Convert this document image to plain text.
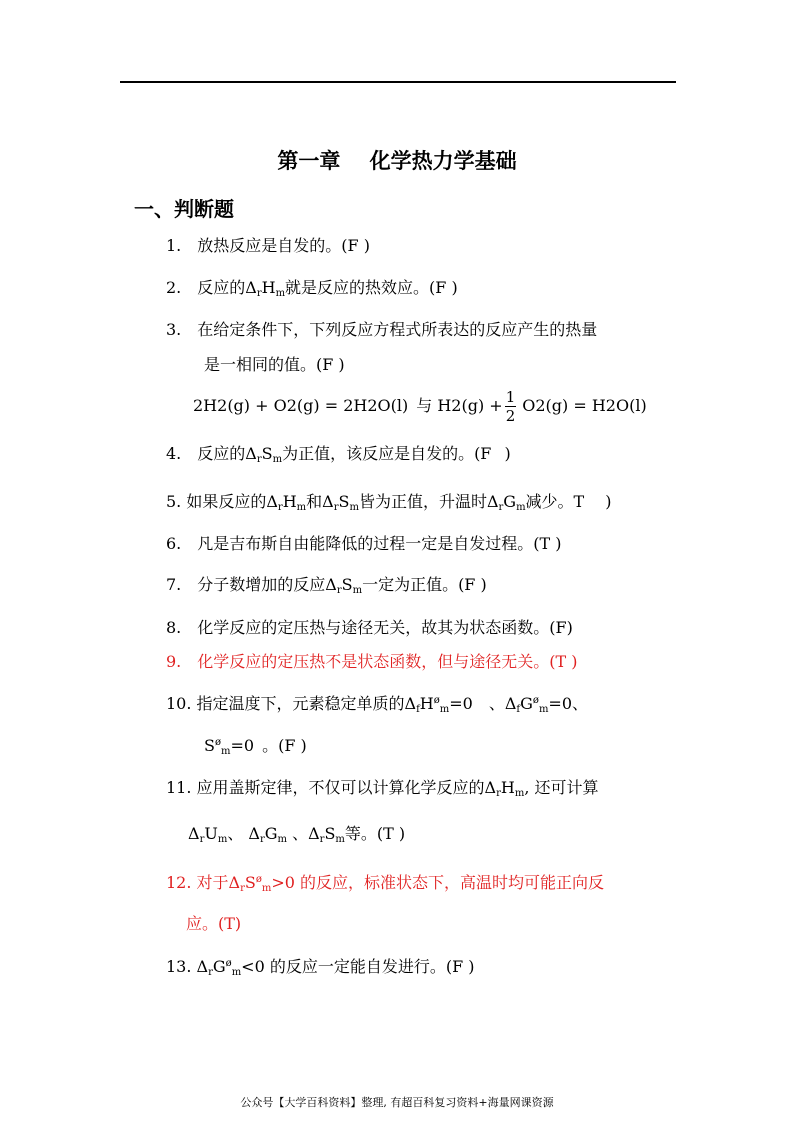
第一章    化学热力学基础
一、判断题
1. 放热反应是自发的。(F )
2. 反应的$\Delta_rH_m$就是反应的热效应。(F )
3. 在给定条件下，下列反应方程式所表达的反应产生的热量
是一相同的值。(F )
2H2(g) + O2(g) = 2H2O(l) 与 $H2(g) + \frac{1}{2} O2(g) = H2O(l)$
4. 反应的$\Delta_rS_m$为正值，该反应是自发的。(F  )
5. 如果反应的$\Delta_rH_m$和$\Delta_rS_m$皆为正值，升温时$\Delta_rG_m$减少。T  )
6. 凡是吉布斯自由能降低的过程一定是自发过程。(T )
7. 分子数增加的反应$\Delta_rS_m$一定为正值。(F )
8. 化学反应的定压热与途径无关，故其为状态函数。(F)
9. 化学反应的定压热不是状态函数，但与途径无关。(T )
10. 指定温度下，元素稳定单质的$\Delta_fH^ø_m=0$ 、$\Delta_fG^ø_m=0$、
$S^ø_m=0$ 。(F )
11. 应用盖斯定律，不仅可以计算化学反应的$\Delta_rH_m$, 还可计算
$\Delta_rU_m$、 $\Delta_rG_m$ 、$\Delta_rS_m$等。(T )
12. 对于$\Delta_rS^ø_m>0$ 的反应，标准状态下，高温时均可能正向反
应。(T)
13. $\Delta_rG^ø_m<0$ 的反应一定能自发进行。(F )
公众号【大学百科资料】整理, 有超百科复习资料+海量网课资源
